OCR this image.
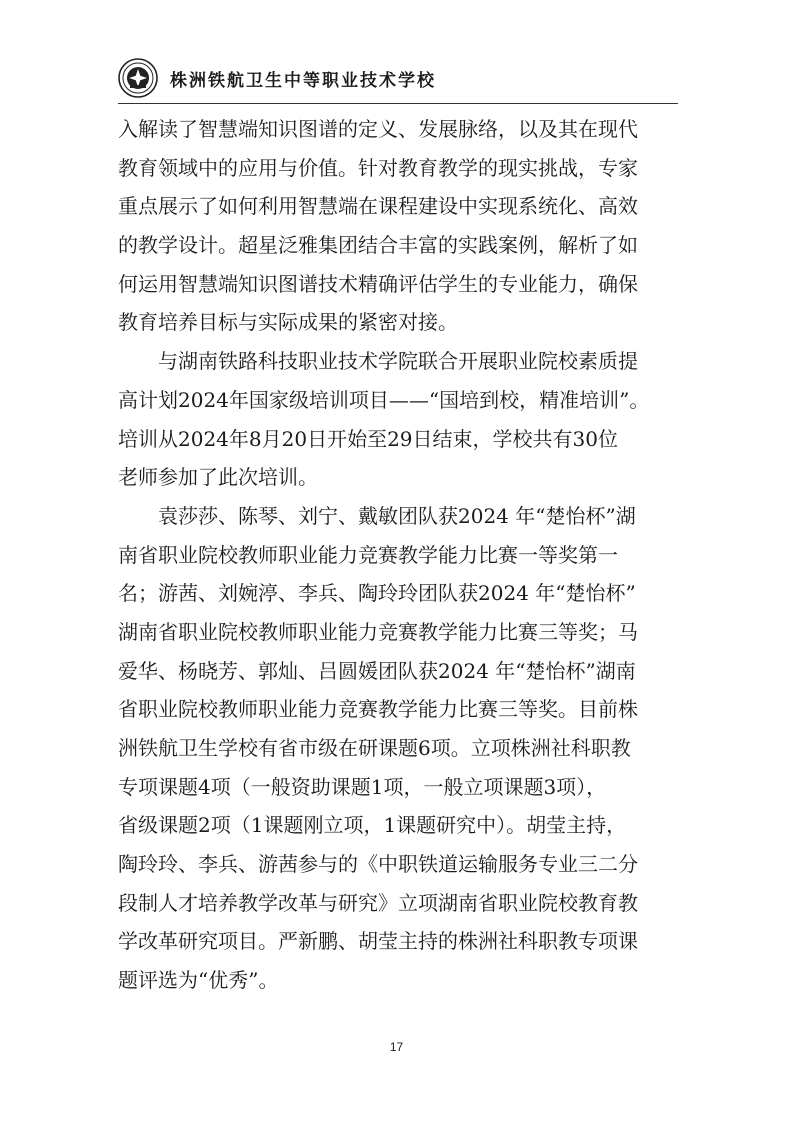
株洲铁航卫生中等职业技术学校
入解读了智慧端知识图谱的定义、发展脉络，以及其在现代
教育领域中的应用与价值。针对教育教学的现实挑战，专家
重点展示了如何利用智慧端在课程建设中实现系统化、高效
的教学设计。超星泛雅集团结合丰富的实践案例，解析了如
何运用智慧端知识图谱技术精确评估学生的专业能力，确保
教育培养目标与实际成果的紧密对接。
　　与湖南铁路科技职业技术学院联合开展职业院校素质提
高计划2024年国家级培训项目——“国培到校，精准培训”。
培训从2024年8月20日开始至29日结束，学校共有30位
老师参加了此次培训。
　　袁莎莎、陈琴、刘宁、戴敏团队获2024 年“楚怡杯”湖
南省职业院校教师职业能力竞赛教学能力比赛一等奖第一
名；游茜、刘婉渟、李兵、陶玲玲团队获2024 年“楚怡杯”
湖南省职业院校教师职业能力竞赛教学能力比赛三等奖；马
爱华、杨晓芳、郭灿、吕圆媛团队获2024 年“楚怡杯”湖南
省职业院校教师职业能力竞赛教学能力比赛三等奖。目前株
洲铁航卫生学校有省市级在研课题6项。立项株洲社科职教
专项课题4项（一般资助课题1项，一般立项课题3项），
省级课题2项（1课题刚立项，1课题研究中）。胡莹主持，
陶玲玲、李兵、游茜参与的《中职铁道运输服务专业三二分
段制人才培养教学改革与研究》立项湖南省职业院校教育教
学改革研究项目。严新鹏、胡莹主持的株洲社科职教专项课
题评选为“优秀”。
17
